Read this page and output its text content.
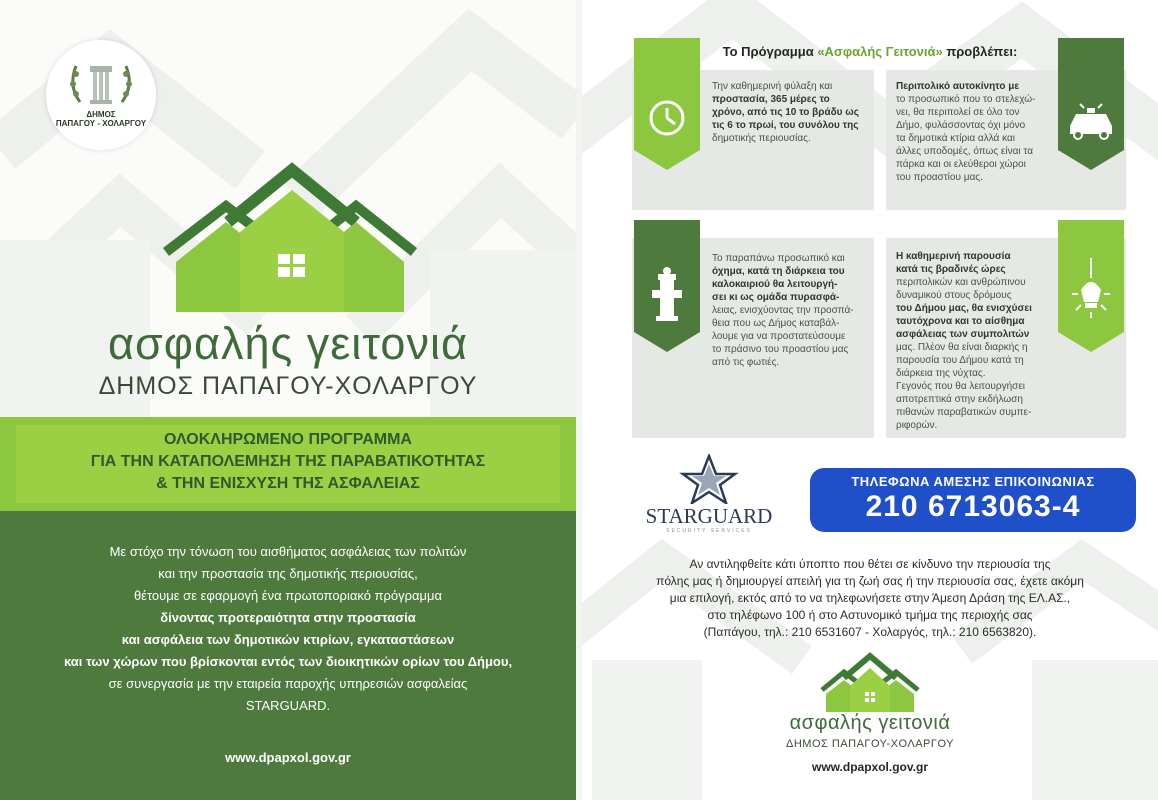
ΔΗΜΟΣ
ΠΑΠΑΓΟΥ - ΧΟΛΑΡΓΟΥ
ασφαλής γειτονιά
ΔΗΜΟΣ ΠΑΠΑΓΟΥ-ΧΟΛΑΡΓΟΥ
ΟΛΟΚΛΗΡΩΜΕΝΟ ΠΡΟΓΡΑΜΜΑ
ΓΙΑ ΤΗΝ ΚΑΤΑΠΟΛΕΜΗΣΗ ΤΗΣ ΠΑΡΑΒΑΤΙΚΟΤΗΤΑΣ
& ΤΗΝ ΕΝΙΣΧΥΣΗ ΤΗΣ ΑΣΦΑΛΕΙΑΣ
Με στόχο την τόνωση του αισθήματος ασφάλειας των πολιτών
και την προστασία της δημοτικής περιουσίας,
θέτουμε σε εφαρμογή ένα πρωτοποριακό πρόγραμμα
δίνοντας προτεραιότητα στην προστασία
και ασφάλεια των δημοτικών κτιρίων, εγκαταστάσεων
και των χώρων που βρίσκονται εντός των διοικητικών ορίων του Δήμου,
σε συνεργασία με την εταιρεία παροχής υπηρεσιών ασφαλείας
STARGUARD.
www.dpapxol.gov.gr
Το Πρόγραμμα «Ασφαλής Γειτονιά» προβλέπει:
Την καθημερινή φύλαξη και
προστασία, 365 μέρες το
χρόνο, από τις 10 το βράδυ ως
τις 6 το πρωί, του συνόλου της
δημοτικής περιουσίας.
Περιπολικό αυτοκίνητο με
το προσωπικό που το στελεχώ-
νει, θα περιπολεί σε όλο τον
Δήμο, φυλάσσοντας όχι μόνο
τα δημοτικά κτίρια αλλά και
άλλες υποδομές, όπως είναι τα
πάρκα και οι ελεύθεροι χώροι
του προαστίου μας.
Το παραπάνω προσωπικό και
όχημα, κατά τη διάρκεια του
καλοκαιριού θα λειτουργή-
σει κι ως ομάδα πυρασφά-
λειας, ενισχύοντας την προσπά-
θεια που ως Δήμος καταβάλ-
λουμε για να προστατεύσουμε
το πράσινο του προαστίου μας
από τις φωτιές.
Η καθημερινή παρουσία
κατά τις βραδινές ώρες
περιπολικών και ανθρώπινου
δυναμικού στους δρόμους
του Δήμου μας, θα ενισχύσει
ταυτόχρονα και το αίσθημα
ασφάλειας των συμπολιτών
μας. Πλέον θα είναι διαρκής η
παρουσία του Δήμου κατά τη
διάρκεια της νύχτας.
Γεγονός που θα λειτουργήσει
αποτρεπτικά στην εκδήλωση
πιθανών παραβατικών συμπε-
ριφορών.
STARGUARD
SECURITY SERVICES
ΤΗΛΕΦΩΝΑ ΑΜΕΣΗΣ ΕΠΙΚΟΙΝΩΝΙΑΣ
210 6713063-4
Αν αντιληφθείτε κάτι ύποπτο που θέτει σε κίνδυνο την περιουσία της
πόλης μας ή δημιουργεί απειλή για τη ζωή σας ή την περιουσία σας, έχετε ακόμη
μια επιλογή, εκτός από το να τηλεφωνήσετε στην Άμεση Δράση της ΕΛ.ΑΣ.,
στο τηλέφωνο 100 ή στο Αστυνομικό τμήμα της περιοχής σας
(Παπάγου, τηλ.: 210 6531607 - Χολαργός, τηλ.: 210 6563820).
ασφαλής γειτονιά
ΔΗΜΟΣ ΠΑΠΑΓΟΥ-ΧΟΛΑΡΓΟΥ
www.dpapxol.gov.gr
